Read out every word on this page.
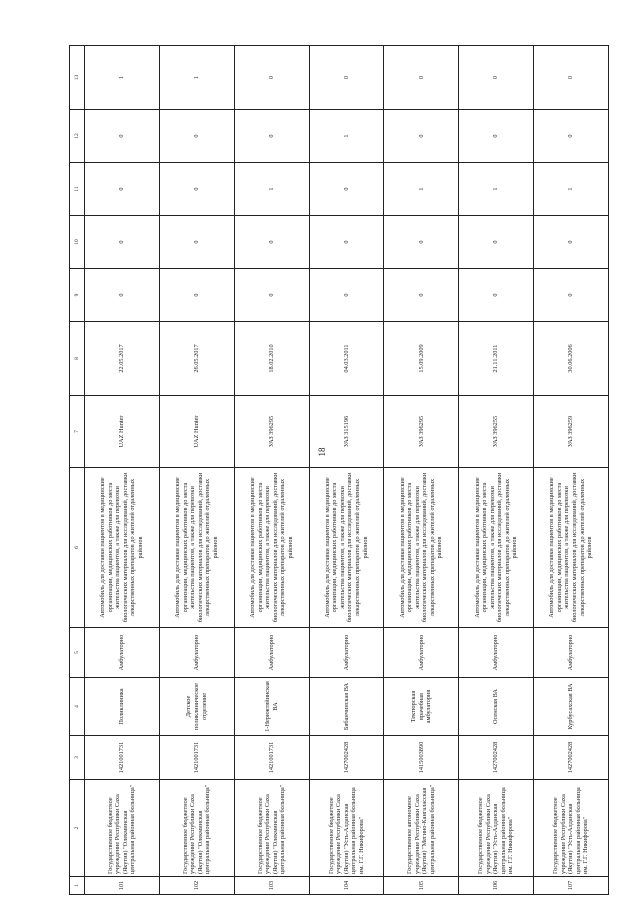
18
1	2	3	4	5	6	7	8	9	10	11	12	13
101	Государственное бюджетное учреждение Республики Саха (Якутия) "Олекминская центральная районная больница"	1421001731	Поликлиника	Амбулаторно	Автомобиль для доставки пациентов в медицинские организации, медицинских работников до места жительства пациентов, а также для перевозки биологических материалов для исследований, доставки лекарственных препаратов до жителей отдаленных районов	UAZ Hunter	22.05.2017	0	0	0	0	1
102	Государственное бюджетное учреждение Республики Саха (Якутия) "Олекминская центральная районная больница"	1421001731	Детское поликлиническое отделение	Амбулаторно	Автомобиль для доставки пациентов в медицинские организации, медицинских работников до места жительства пациентов, а также для перевозки биологических материалов для исследований, доставки лекарственных препаратов до жителей отдаленных районов	UAZ Hunter	26.05.2017	0	0	0	0	1
103	Государственное бюджетное учреждение Республики Саха (Якутия) "Олекминская центральная районная больница"	1421001731	1-Нерюктяйинская ВА	Амбулаторно	Автомобиль для доставки пациентов в медицинские организации, медицинских работников до места жительства пациентов, а также для перевозки биологических материалов для исследований, доставки лекарственных препаратов до жителей отдаленных районов	УАЗ 396295	18.02.2010	0	0	1	0	0
104	Государственное бюджетное учреждение Республики Саха (Якутия) "Усть-Алданская центральная районная больница им. Г.Г. Никифорова"	1427002428	Бябанчинская ВА	Амбулаторно	Автомобиль для доставки пациентов в медицинские организации, медицинских работников до места жительства пациентов, а также для перевозки биологических материалов для исследований, доставки лекарственных препаратов до жителей отдаленных районов	УАЗ 315196	04.03.2011	0	0	0	1	0
105	Государственное автономное учреждение Республики Саха (Якутия) "Мегино-Кангаласская центральная районная больница"	1415003890	Тектюрская врачебная амбулатория	Амбулаторно	Автомобиль для доставки пациентов в медицинские организации, медицинских работников до места жительства пациентов, а также для перевозки биологических материалов для исследований, доставки лекарственных препаратов до жителей отдаленных районов	УАЗ 396295	15.09.2009	0	0	1	0	0
106	Государственное бюджетное учреждение Республики Саха (Якутия) "Усть-Алданская центральная районная больница им. Г.Г. Никифорова"	1427002428	Осенская ВА	Амбулаторно	Автомобиль для доставки пациентов в медицинские организации, медицинских работников до места жительства пациентов, а также для перевозки биологических материалов для исследований, доставки лекарственных препаратов до жителей отдаленных районов	УАЗ 396255	21.11.2011	0	0	1	0	0
107	Государственное бюджетное учреждение Республики Саха (Якутия) "Усть-Алданская центральная районная больница им. Г.Г. Никифорова"	1427002428	Курбусахская ВА	Амбулаторно	Автомобиль для доставки пациентов в медицинские организации, медицинских работников до места жительства пациентов, а также для перевозки биологических материалов для исследований, доставки лекарственных препаратов до жителей отдаленных районов	УАЗ 396259	30.06.2006	0	0	1	0	0
